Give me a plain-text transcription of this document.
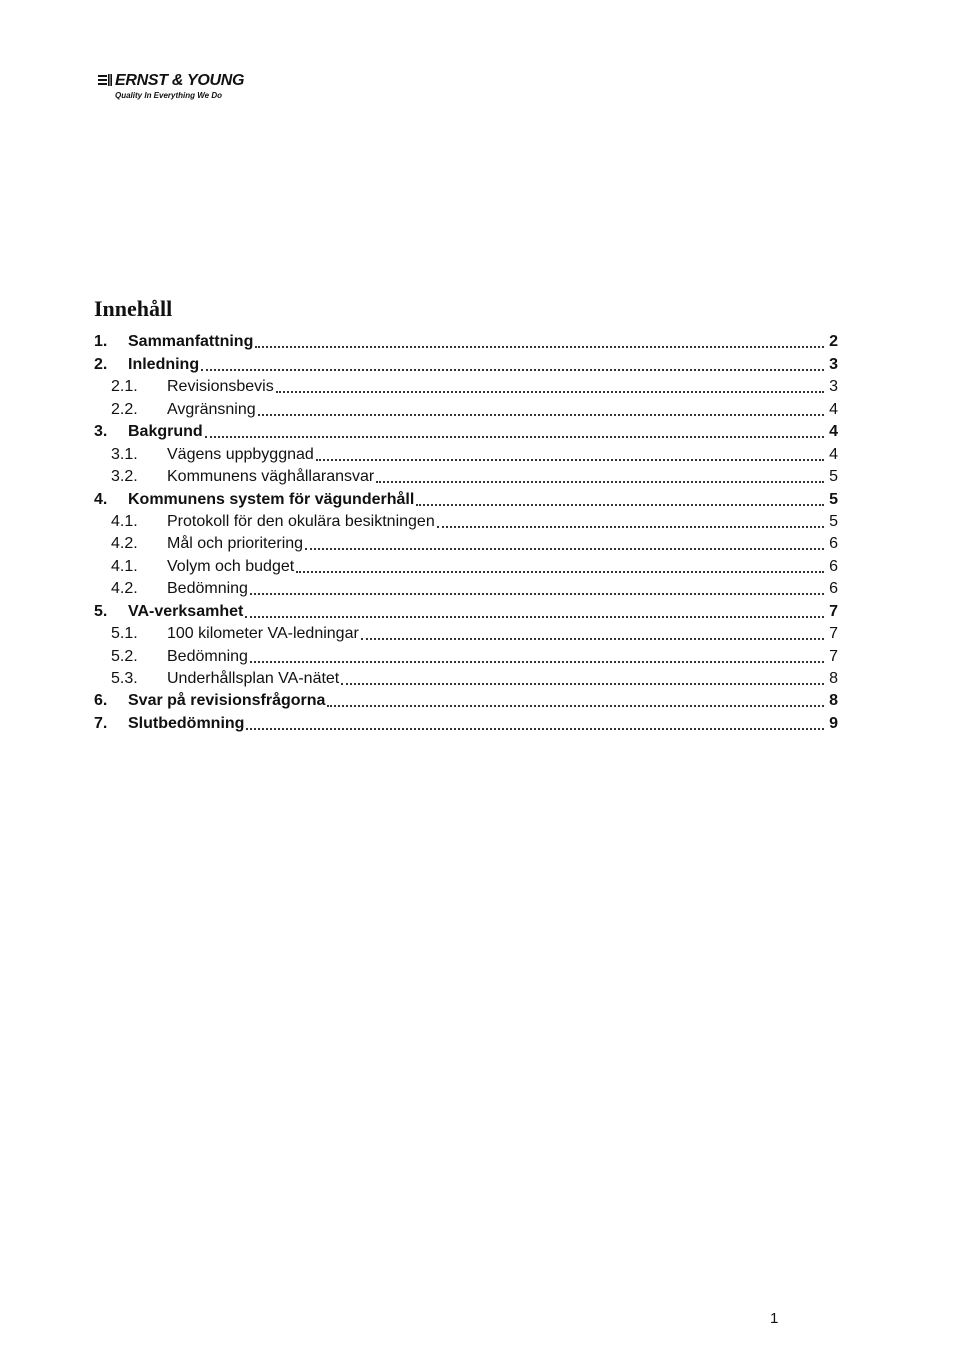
ERNST & YOUNG
Quality In Everything We Do
Innehåll
1.	Sammanfattning	2
2.	Inledning	3
2.1.	Revisionsbevis	3
2.2.	Avgränsning	4
3.	Bakgrund	4
3.1.	Vägens uppbyggnad	4
3.2.	Kommunens väghållaransvar	5
4.	Kommunens system för vägunderhåll	5
4.1.	Protokoll för den okulära besiktningen	5
4.2.	Mål och prioritering	6
4.1.	Volym och budget	6
4.2.	Bedömning	6
5.	VA-verksamhet	7
5.1.	100 kilometer VA-ledningar	7
5.2.	Bedömning	7
5.3.	Underhållsplan VA-nätet	8
6.	Svar på revisionsfrågorna	8
7.	Slutbedömning	9
1
